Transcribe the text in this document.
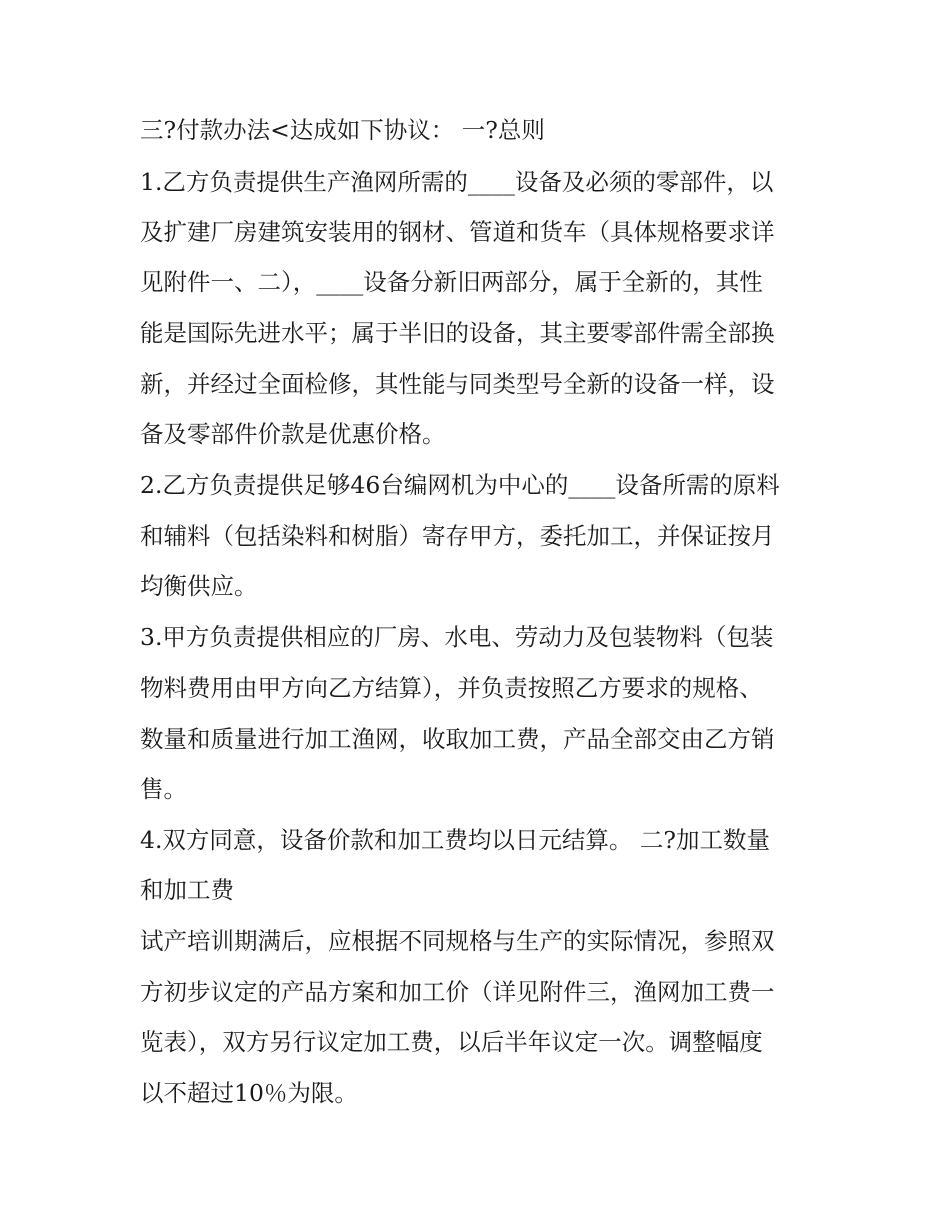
三?付款办法<达成如下协议： 一?总则

1.乙方负责提供生产渔网所需的____设备及必须的零部件，以

及扩建厂房建筑安装用的钢材、管道和货车（具体规格要求详

见附件一、二），____设备分新旧两部分，属于全新的，其性

能是国际先进水平；属于半旧的设备，其主要零部件需全部换

新，并经过全面检修，其性能与同类型号全新的设备一样，设

备及零部件价款是优惠价格。

2.乙方负责提供足够46台编网机为中心的____设备所需的原料

和辅料（包括染料和树脂）寄存甲方，委托加工，并保证按月

均衡供应。

3.甲方负责提供相应的厂房、水电、劳动力及包装物料（包装

物料费用由甲方向乙方结算），并负责按照乙方要求的规格、

数量和质量进行加工渔网，收取加工费，产品全部交由乙方销

售。

4.双方同意，设备价款和加工费均以日元结算。 二?加工数量

和加工费

试产培训期满后，应根据不同规格与生产的实际情况，参照双

方初步议定的产品方案和加工价（详见附件三，渔网加工费一

览表），双方另行议定加工费，以后半年议定一次。调整幅度

以不超过10％为限。
